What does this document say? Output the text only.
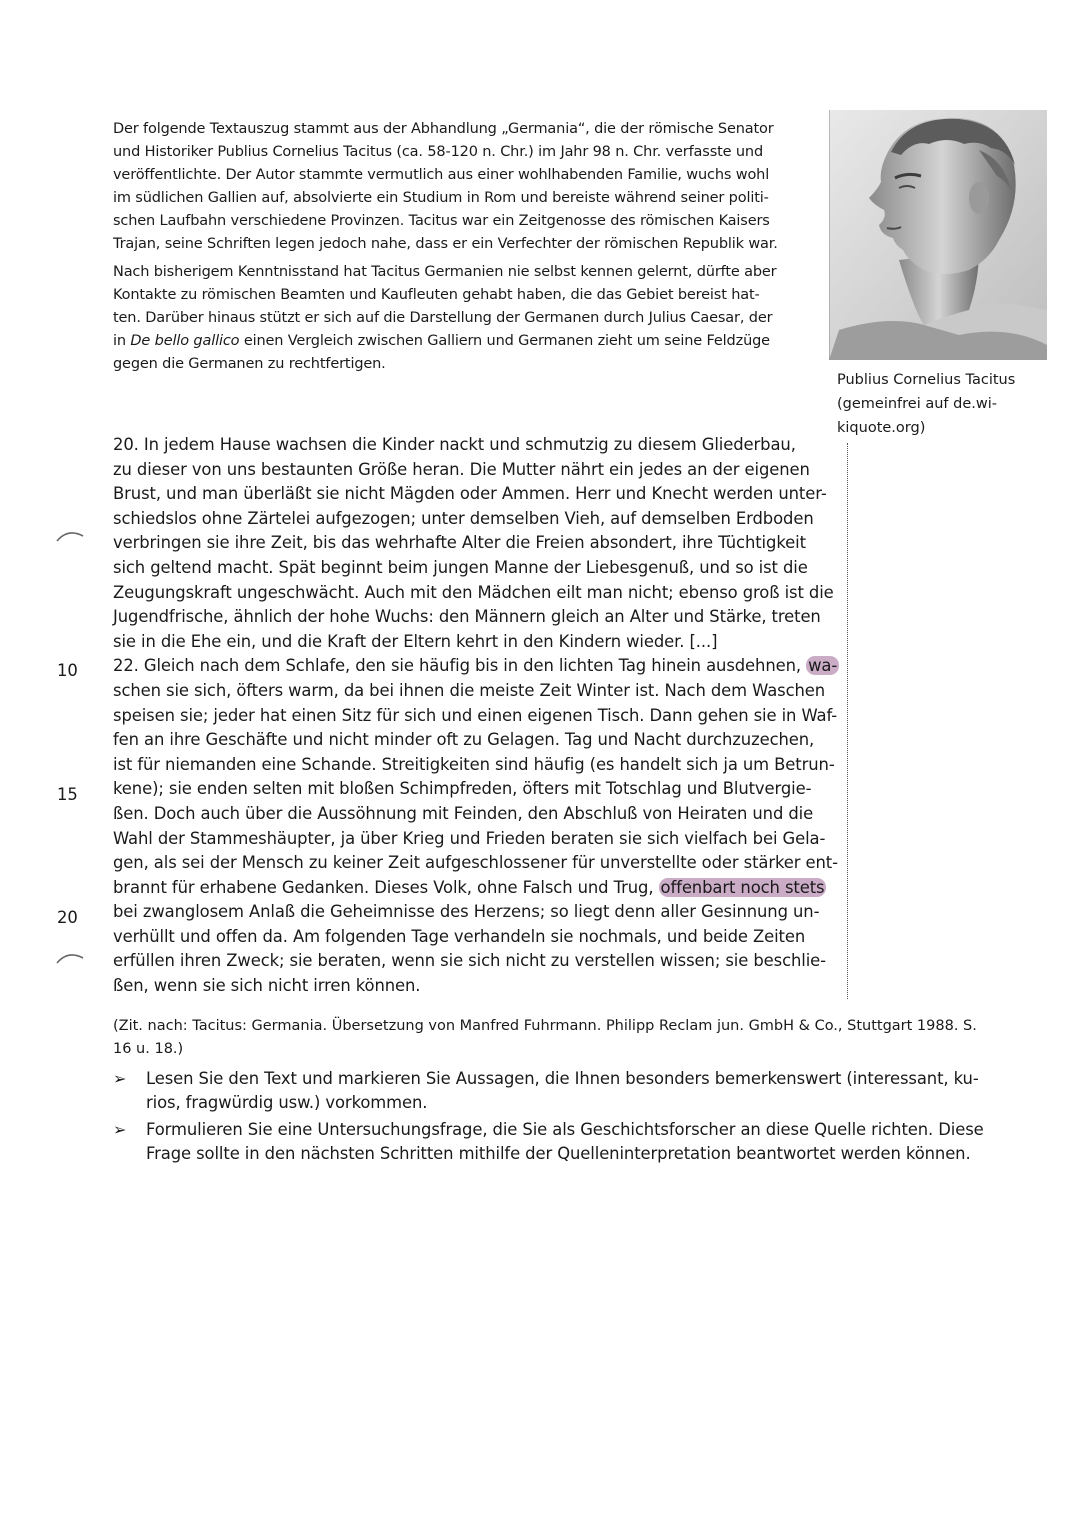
Der folgende Textauszug stammt aus der Abhandlung „Germania“, die der römische Senator
und Historiker Publius Cornelius Tacitus (ca. 58-120 n. Chr.) im Jahr 98 n. Chr. verfasste und
veröffentlichte. Der Autor stammte vermutlich aus einer wohlhabenden Familie, wuchs wohl
im südlichen Gallien auf, absolvierte ein Studium in Rom und bereiste während seiner politi-
schen Laufbahn verschiedene Provinzen. Tacitus war ein Zeitgenosse des römischen Kaisers
Trajan, seine Schriften legen jedoch nahe, dass er ein Verfechter der römischen Republik war.
Nach bisherigem Kenntnisstand hat Tacitus Germanien nie selbst kennen gelernt, dürfte aber
Kontakte zu römischen Beamten und Kaufleuten gehabt haben, die das Gebiet bereist hat-
ten. Darüber hinaus stützt er sich auf die Darstellung der Germanen durch Julius Caesar, der
in De bello gallico einen Vergleich zwischen Galliern und Germanen zieht um seine Feldzüge
gegen die Germanen zu rechtfertigen.
Publius Cornelius Tacitus
(gemeinfrei auf de.wi-
kiquote.org)
10
15
20
20. In jedem Hause wachsen die Kinder nackt und schmutzig zu diesem Gliederbau,
zu dieser von uns bestaunten Größe heran. Die Mutter nährt ein jedes an der eigenen
Brust, und man überläßt sie nicht Mägden oder Ammen. Herr und Knecht werden unter-
schiedslos ohne Zärtelei aufgezogen; unter demselben Vieh, auf demselben Erdboden
verbringen sie ihre Zeit, bis das wehrhafte Alter die Freien absondert, ihre Tüchtigkeit
sich geltend macht. Spät beginnt beim jungen Manne der Liebesgenuß, und so ist die
Zeugungskraft ungeschwächt. Auch mit den Mädchen eilt man nicht; ebenso groß ist die
Jugendfrische, ähnlich der hohe Wuchs: den Männern gleich an Alter und Stärke, treten
sie in die Ehe ein, und die Kraft der Eltern kehrt in den Kindern wieder. [...]
22. Gleich nach dem Schlafe, den sie häufig bis in den lichten Tag hinein ausdehnen, wa-
schen sie sich, öfters warm, da bei ihnen die meiste Zeit Winter ist. Nach dem Waschen
speisen sie; jeder hat einen Sitz für sich und einen eigenen Tisch. Dann gehen sie in Waf-
fen an ihre Geschäfte und nicht minder oft zu Gelagen. Tag und Nacht durchzuzechen,
ist für niemanden eine Schande. Streitigkeiten sind häufig (es handelt sich ja um Betrun-
kene); sie enden selten mit bloßen Schimpfreden, öfters mit Totschlag und Blutvergie-
ßen. Doch auch über die Aussöhnung mit Feinden, den Abschluß von Heiraten und die
Wahl der Stammeshäupter, ja über Krieg und Frieden beraten sie sich vielfach bei Gela-
gen, als sei der Mensch zu keiner Zeit aufgeschlossener für unverstellte oder stärker ent-
brannt für erhabene Gedanken. Dieses Volk, ohne Falsch und Trug, offenbart noch stets
bei zwanglosem Anlaß die Geheimnisse des Herzens; so liegt denn aller Gesinnung un-
verhüllt und offen da. Am folgenden Tage verhandeln sie nochmals, und beide Zeiten
erfüllen ihren Zweck; sie beraten, wenn sie sich nicht zu verstellen wissen; sie beschlie-
ßen, wenn sie sich nicht irren können.
(Zit. nach: Tacitus: Germania. Übersetzung von Manfred Fuhrmann. Philipp Reclam jun. GmbH & Co., Stuttgart 1988. S.
16 u. 18.)
➢ Lesen Sie den Text und markieren Sie Aussagen, die Ihnen besonders bemerkenswert (interessant, ku-
rios, fragwürdig usw.) vorkommen.
➢ Formulieren Sie eine Untersuchungsfrage, die Sie als Geschichtsforscher an diese Quelle richten. Diese
Frage sollte in den nächsten Schritten mithilfe der Quelleninterpretation beantwortet werden können.
